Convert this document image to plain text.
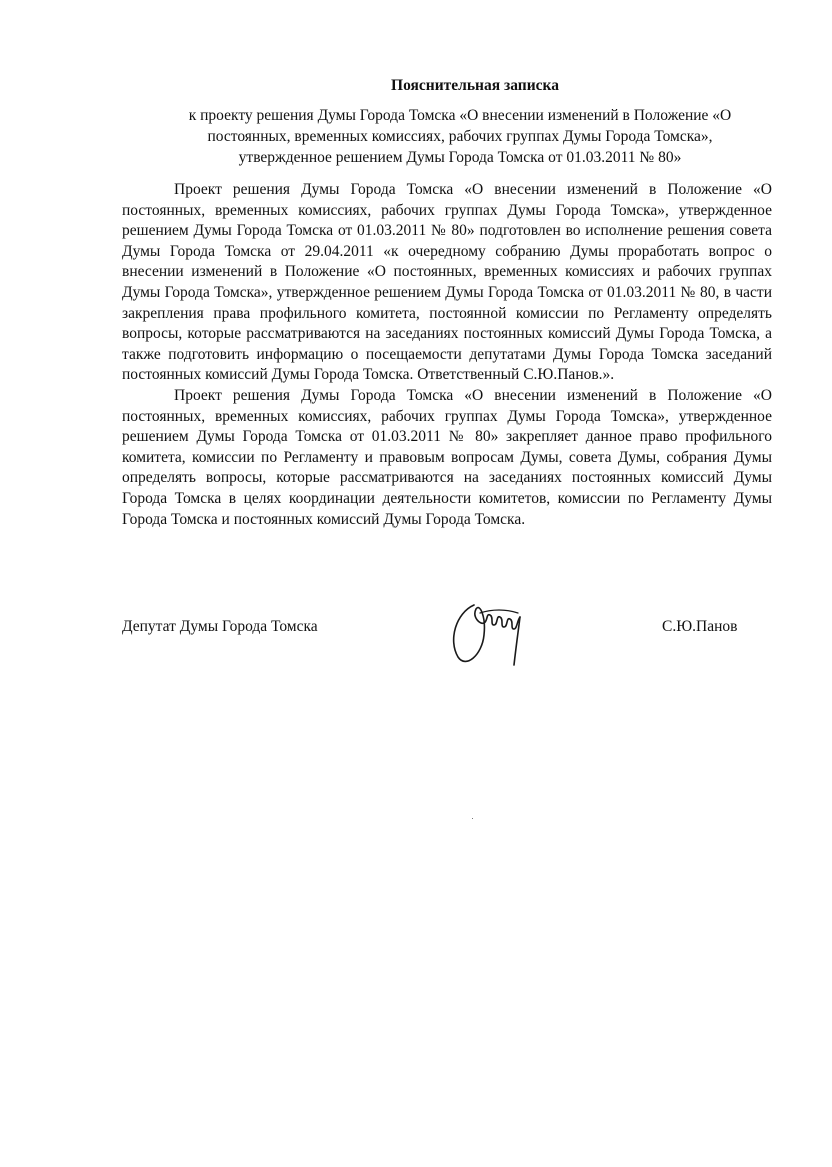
Пояснительная записка
к проекту решения Думы Города Томска «О внесении изменений в Положение «О
постоянных, временных комиссиях, рабочих группах Думы Города Томска»,
утвержденное решением Думы Города Томска от 01.03.2011 № 80»

Проект решения Думы Города Томска «О внесении изменений в Положение «О постоянных, временных комиссиях, рабочих группах Думы Города Томска», утвержденное решением Думы Города Томска от 01.03.2011 № 80» подготовлен во исполнение решения совета Думы Города Томска от 29.04.2011 «к очередному собранию Думы проработать вопрос о внесении изменений в Положение «О постоянных, временных комиссиях и рабочих группах Думы Города Томска», утвержденное решением Думы Города Томска от 01.03.2011 № 80, в части закрепления права профильного комитета, постоянной комиссии по Регламенту определять вопросы, которые рассматриваются на заседаниях постоянных комиссий Думы Города Томска, а также подготовить информацию о посещаемости депутатами Думы Города Томска заседаний постоянных комиссий Думы Города Томска. Ответственный С.Ю.Панов.».

Проект решения Думы Города Томска «О внесении изменений в Положение «О постоянных, временных комиссиях, рабочих группах Думы Города Томска», утвержденное решением Думы Города Томска от 01.03.2011 № 80» закрепляет данное право профильного комитета, комиссии по Регламенту и правовым вопросам Думы, совета Думы, собрания Думы определять вопросы, которые рассматриваются на заседаниях постоянных комиссий Думы Города Томска в целях координации деятельности комитетов, комиссии по Регламенту Думы Города Томска и постоянных комиссий Думы Города Томска.

Депутат Думы Города Томска	С.Ю.Панов
